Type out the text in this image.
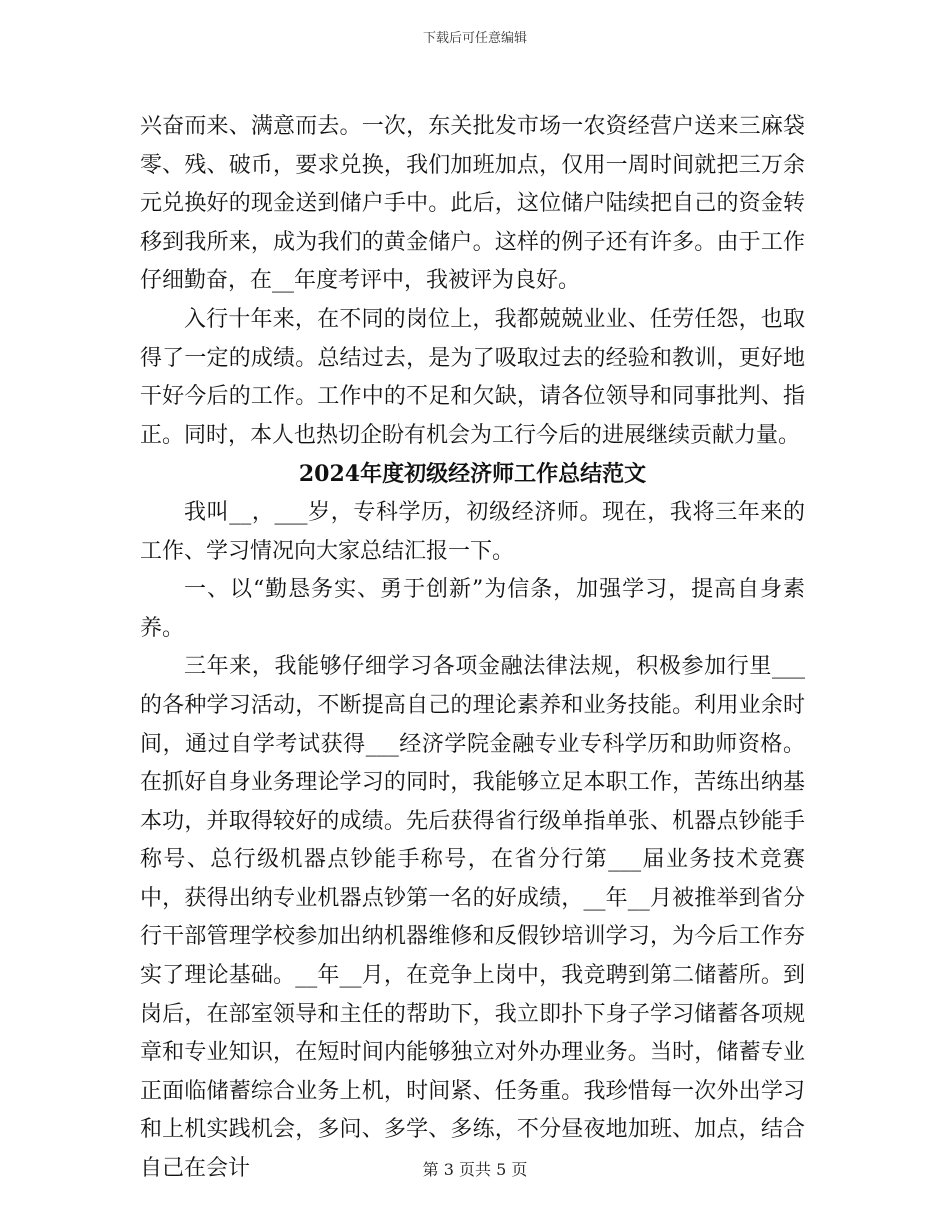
下载后可任意编辑

兴奋而来、满意而去。一次，东关批发市场一农资经营户送来三麻袋零、残、破币，要求兑换，我们加班加点，仅用一周时间就把三万余元兑换好的现金送到储户手中。此后，这位储户陆续把自己的资金转移到我所来，成为我们的黄金储户。这样的例子还有许多。由于工作仔细勤奋，在__年度考评中，我被评为良好。

入行十年来，在不同的岗位上，我都兢兢业业、任劳任怨，也取得了一定的成绩。总结过去，是为了吸取过去的经验和教训，更好地干好今后的工作。工作中的不足和欠缺，请各位领导和同事批判、指正。同时，本人也热切企盼有机会为工行今后的进展继续贡献力量。

2024年度初级经济师工作总结范文

我叫__，___岁，专科学历，初级经济师。现在，我将三年来的工作、学习情况向大家总结汇报一下。

一、以“勤恳务实、勇于创新”为信条，加强学习，提高自身素养。

三年来，我能够仔细学习各项金融法律法规，积极参加行里___的各种学习活动，不断提高自己的理论素养和业务技能。利用业余时间，通过自学考试获得___经济学院金融专业专科学历和助师资格。在抓好自身业务理论学习的同时，我能够立足本职工作，苦练出纳基本功，并取得较好的成绩。先后获得省行级单指单张、机器点钞能手称号、总行级机器点钞能手称号，在省分行第___届业务技术竞赛中，获得出纳专业机器点钞第一名的好成绩，__年__月被推举到省分行干部管理学校参加出纳机器维修和反假钞培训学习，为今后工作夯实了理论基础。__年__月，在竞争上岗中，我竞聘到第二储蓄所。到岗后，在部室领导和主任的帮助下，我立即扑下身子学习储蓄各项规章和专业知识，在短时间内能够独立对外办理业务。当时，储蓄专业正面临储蓄综合业务上机，时间紧、任务重。我珍惜每一次外出学习和上机实践机会，多问、多学、多练，不分昼夜地加班、加点，结合自己在会计	第 3 页共 5 页
